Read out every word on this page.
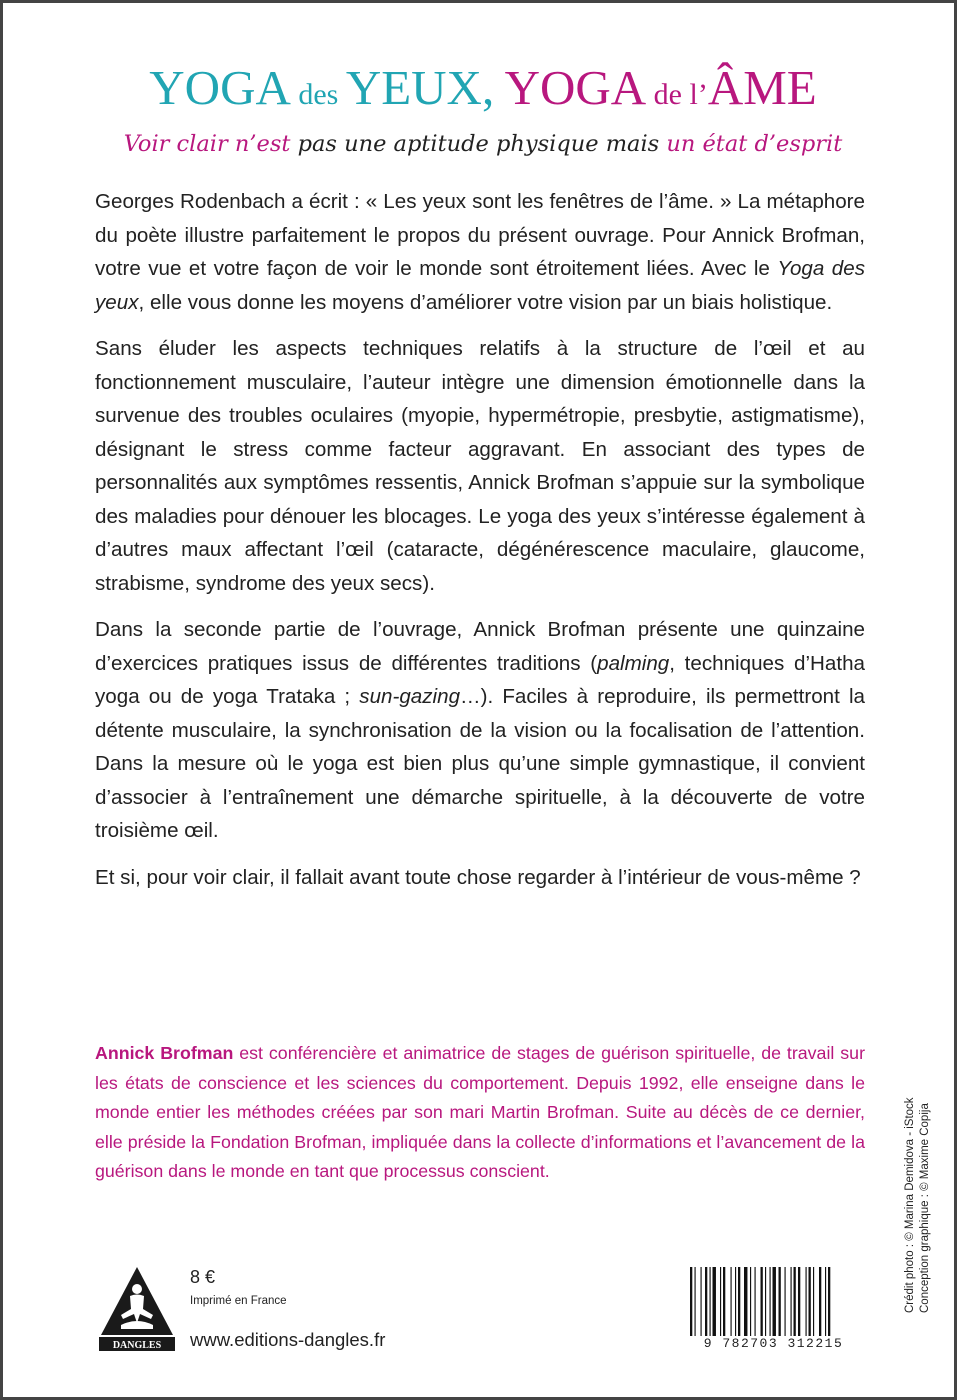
YOGA des YEUX, YOGA de l’ÂME
Voir clair n’est pas une aptitude physique mais un état d’esprit

Georges Rodenbach a écrit : « Les yeux sont les fenêtres de l’âme. » La métaphore du poète illustre parfaitement le propos du présent ouvrage. Pour Annick Brofman, votre vue et votre façon de voir le monde sont étroitement liées. Avec le Yoga des yeux, elle vous donne les moyens d’améliorer votre vision par un biais holistique.

Sans éluder les aspects techniques relatifs à la structure de l’œil et au fonctionnement musculaire, l’auteur intègre une dimension émotionnelle dans la survenue des troubles oculaires (myopie, hypermétropie, presbytie, astigmatisme), désignant le stress comme facteur aggravant. En associant des types de personnalités aux symptômes ressentis, Annick Brofman s’appuie sur la symbolique des maladies pour dénouer les blocages. Le yoga des yeux s’intéresse également à d’autres maux affectant l’œil (cataracte, dégénérescence maculaire, glaucome, strabisme, syndrome des yeux secs).

Dans la seconde partie de l’ouvrage, Annick Brofman présente une quinzaine d’exercices pratiques issus de différentes traditions (palming, techniques d’Hatha yoga ou de yoga Trataka ; sun-gazing…). Faciles à reproduire, ils permettront la détente musculaire, la synchronisation de la vision ou la focalisation de l’attention. Dans la mesure où le yoga est bien plus qu’une simple gymnastique, il convient d’associer à l’entraînement une démarche spirituelle, à la découverte de votre troisième œil.

Et si, pour voir clair, il fallait avant toute chose regarder à l’intérieur de vous-même ?

Annick Brofman est conférencière et animatrice de stages de guérison spirituelle, de travail sur les états de conscience et les sciences du comportement. Depuis 1992, elle enseigne dans le monde entier les méthodes créées par son mari Martin Brofman. Suite au décès de ce dernier, elle préside la Fondation Brofman, impliquée dans la collecte d’informations et l’avancement de la guérison dans le monde en tant que processus conscient.	Crédit photo : © Marina Demidova - iStock Conception graphique : © Maxime Copija
DANGLES
8 €
Imprimé en France
www.editions-dangles.fr	9 782703 312215
